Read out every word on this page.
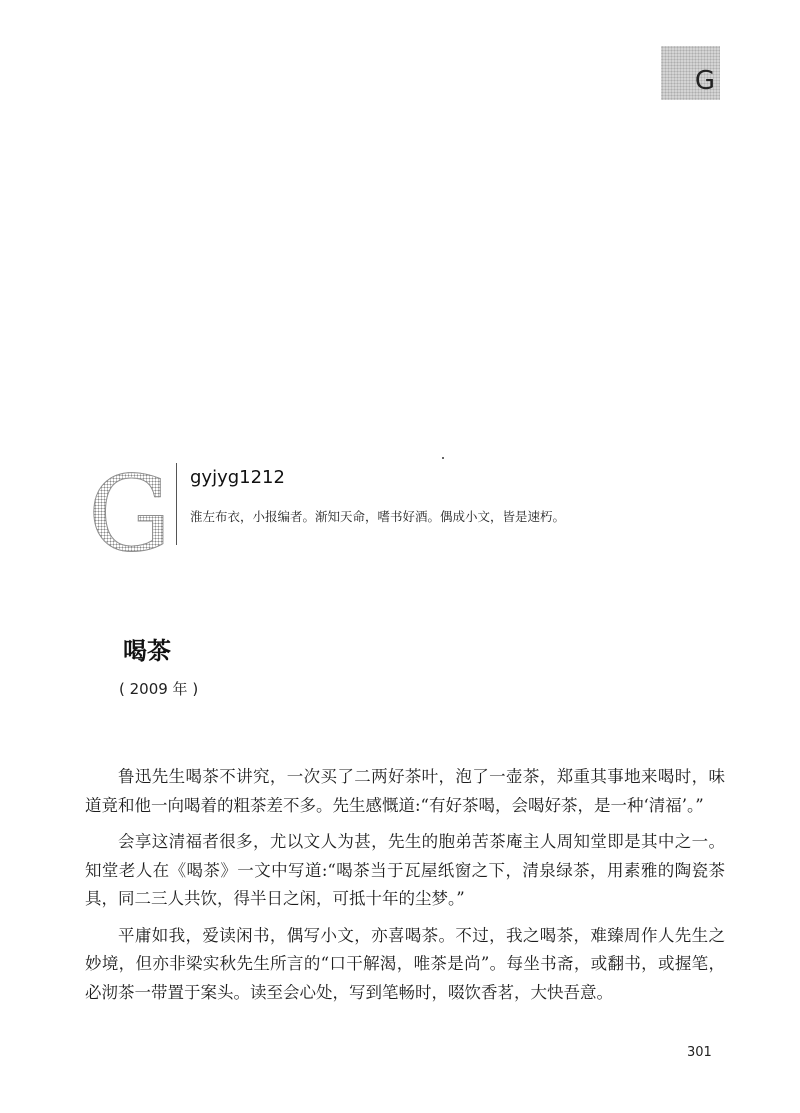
G
G gyjyg1212
淮左布衣，小报编者。渐知天命，嗜书好酒。偶成小文，皆是速朽。
喝茶
( 2009 年 )

鲁迅先生喝茶不讲究，一次买了二两好茶叶，泡了一壶茶，郑重其事地来喝时，味道竟和他一向喝着的粗茶差不多。先生感慨道:“有好茶喝，会喝好茶，是一种‘清福’。”

会享这清福者很多，尤以文人为甚，先生的胞弟苦茶庵主人周知堂即是其中之一。知堂老人在《喝茶》一文中写道:“喝茶当于瓦屋纸窗之下，清泉绿茶，用素雅的陶瓷茶具，同二三人共饮，得半日之闲，可抵十年的尘梦。”

平庸如我，爱读闲书，偶写小文，亦喜喝茶。不过，我之喝茶，难臻周作人先生之妙境，但亦非梁实秋先生所言的“口干解渴，唯茶是尚”。每坐书斋，或翻书，或握笔，必沏茶一带置于案头。读至会心处，写到笔畅时，啜饮香茗，大快吾意。

301
